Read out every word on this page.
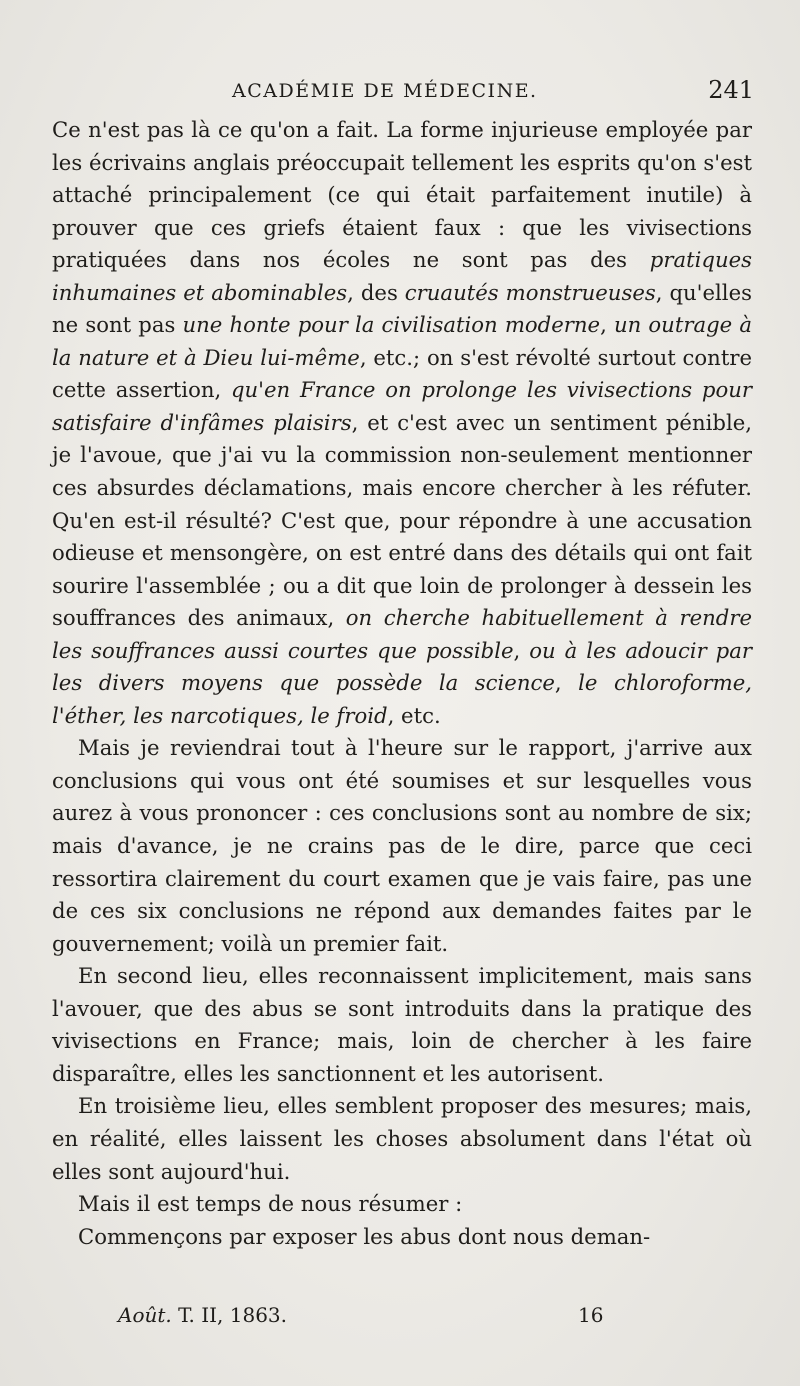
ACADÉMIE DE MÉDECINE.	241

Ce n'est pas là ce qu'on a fait. La forme injurieuse employée par les écrivains anglais préoccupait tellement les esprits qu'on s'est attaché principalement (ce qui était parfaitement inutile) à prouver que ces griefs étaient faux : que les vivisections pratiquées dans nos écoles ne sont pas des pratiques inhumaines et abominables, des cruautés monstrueuses, qu'elles ne sont pas une honte pour la civilisation moderne, un outrage à la nature et à Dieu lui-même, etc.; on s'est révolté surtout contre cette assertion, qu'en France on prolonge les vivisections pour satisfaire d'infâmes plaisirs, et c'est avec un sentiment pénible, je l'avoue, que j'ai vu la commission non-seulement mentionner ces absurdes déclamations, mais encore chercher à les réfuter. Qu'en est-il résulté? C'est que, pour répondre à une accusation odieuse et mensongère, on est entré dans des détails qui ont fait sourire l'assemblée ; ou a dit que loin de prolonger à dessein les souffrances des animaux, on cherche habituellement à rendre les souffrances aussi courtes que possible, ou à les adoucir par les divers moyens que possède la science, le chloroforme, l'éther, les narcotiques, le froid, etc.

Mais je reviendrai tout à l'heure sur le rapport, j'arrive aux conclusions qui vous ont été soumises et sur lesquelles vous aurez à vous prononcer : ces conclusions sont au nombre de six; mais d'avance, je ne crains pas de le dire, parce que ceci ressortira clairement du court examen que je vais faire, pas une de ces six conclusions ne répond aux demandes faites par le gouvernement; voilà un premier fait.

En second lieu, elles reconnaissent implicitement, mais sans l'avouer, que des abus se sont introduits dans la pratique des vivisections en France; mais, loin de chercher à les faire disparaître, elles les sanctionnent et les autorisent.

En troisième lieu, elles semblent proposer des mesures; mais, en réalité, elles laissent les choses absolument dans l'état où elles sont aujourd'hui.

Mais il est temps de nous résumer :

Commençons par exposer les abus dont nous deman-

Août. T. II, 1863.	16
